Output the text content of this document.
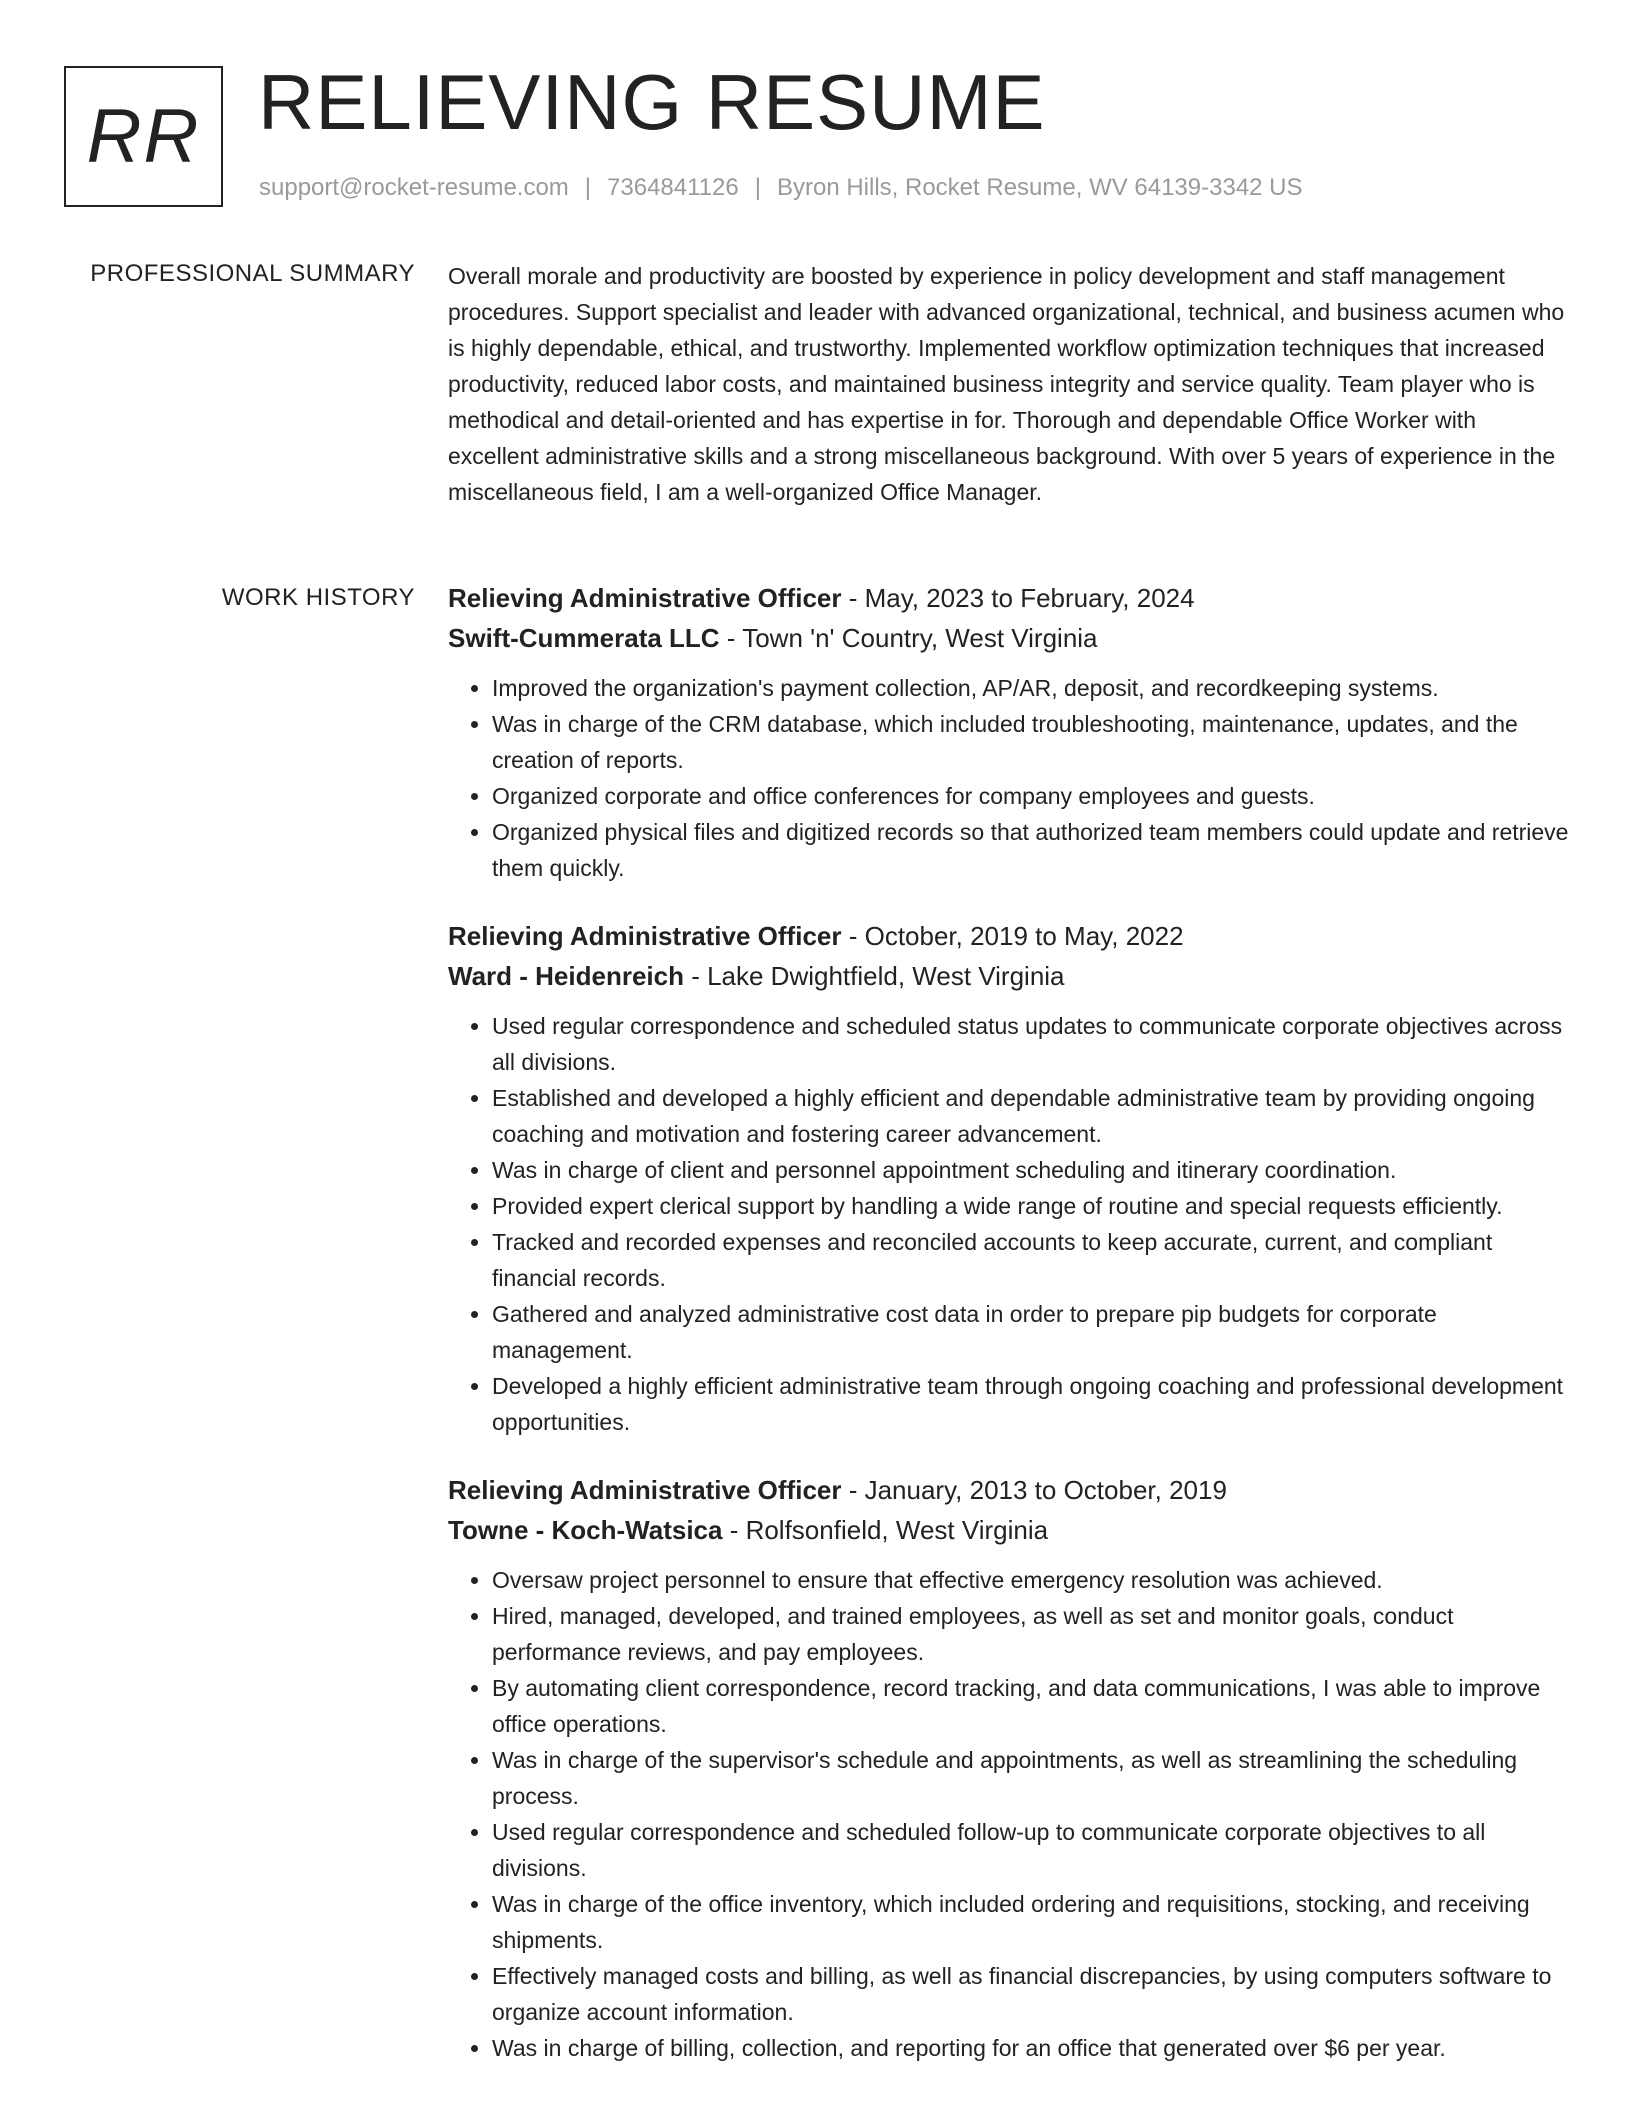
RR RELIEVING RESUME
support@rocket-resume.com | 7364841126 | Byron Hills, Rocket Resume, WV 64139-3342 US
PROFESSIONAL SUMMARY Overall morale and productivity are boosted by experience in policy development and staff management procedures. Support specialist and leader with advanced organizational, technical, and business acumen who is highly dependable, ethical, and trustworthy. Implemented workflow optimization techniques that increased productivity, reduced labor costs, and maintained business integrity and service quality. Team player who is methodical and detail-oriented and has expertise in for. Thorough and dependable Office Worker with excellent administrative skills and a strong miscellaneous background. With over 5 years of experience in the miscellaneous field, I am a well-organized Office Manager.

WORK HISTORY Relieving Administrative Officer - May, 2023 to February, 2024
Swift-Cummerata LLC - Town 'n' Country, West Virginia
• Improved the organization's payment collection, AP/AR, deposit, and recordkeeping systems.
• Was in charge of the CRM database, which included troubleshooting, maintenance, updates, and the creation of reports.
• Organized corporate and office conferences for company employees and guests.
• Organized physical files and digitized records so that authorized team members could update and retrieve them quickly.
Relieving Administrative Officer - October, 2019 to May, 2022
Ward - Heidenreich - Lake Dwightfield, West Virginia
• Used regular correspondence and scheduled status updates to communicate corporate objectives across all divisions.
• Established and developed a highly efficient and dependable administrative team by providing ongoing coaching and motivation and fostering career advancement.
• Was in charge of client and personnel appointment scheduling and itinerary coordination.
• Provided expert clerical support by handling a wide range of routine and special requests efficiently.
• Tracked and recorded expenses and reconciled accounts to keep accurate, current, and compliant financial records.
• Gathered and analyzed administrative cost data in order to prepare pip budgets for corporate management.
• Developed a highly efficient administrative team through ongoing coaching and professional development opportunities.
Relieving Administrative Officer - January, 2013 to October, 2019
Towne - Koch-Watsica - Rolfsonfield, West Virginia
• Oversaw project personnel to ensure that effective emergency resolution was achieved.
• Hired, managed, developed, and trained employees, as well as set and monitor goals, conduct performance reviews, and pay employees.
• By automating client correspondence, record tracking, and data communications, I was able to improve office operations.
• Was in charge of the supervisor's schedule and appointments, as well as streamlining the scheduling process.
• Used regular correspondence and scheduled follow-up to communicate corporate objectives to all divisions.
• Was in charge of the office inventory, which included ordering and requisitions, stocking, and receiving shipments.
• Effectively managed costs and billing, as well as financial discrepancies, by using computers software to organize account information.
• Was in charge of billing, collection, and reporting for an office that generated over $6 per year.
